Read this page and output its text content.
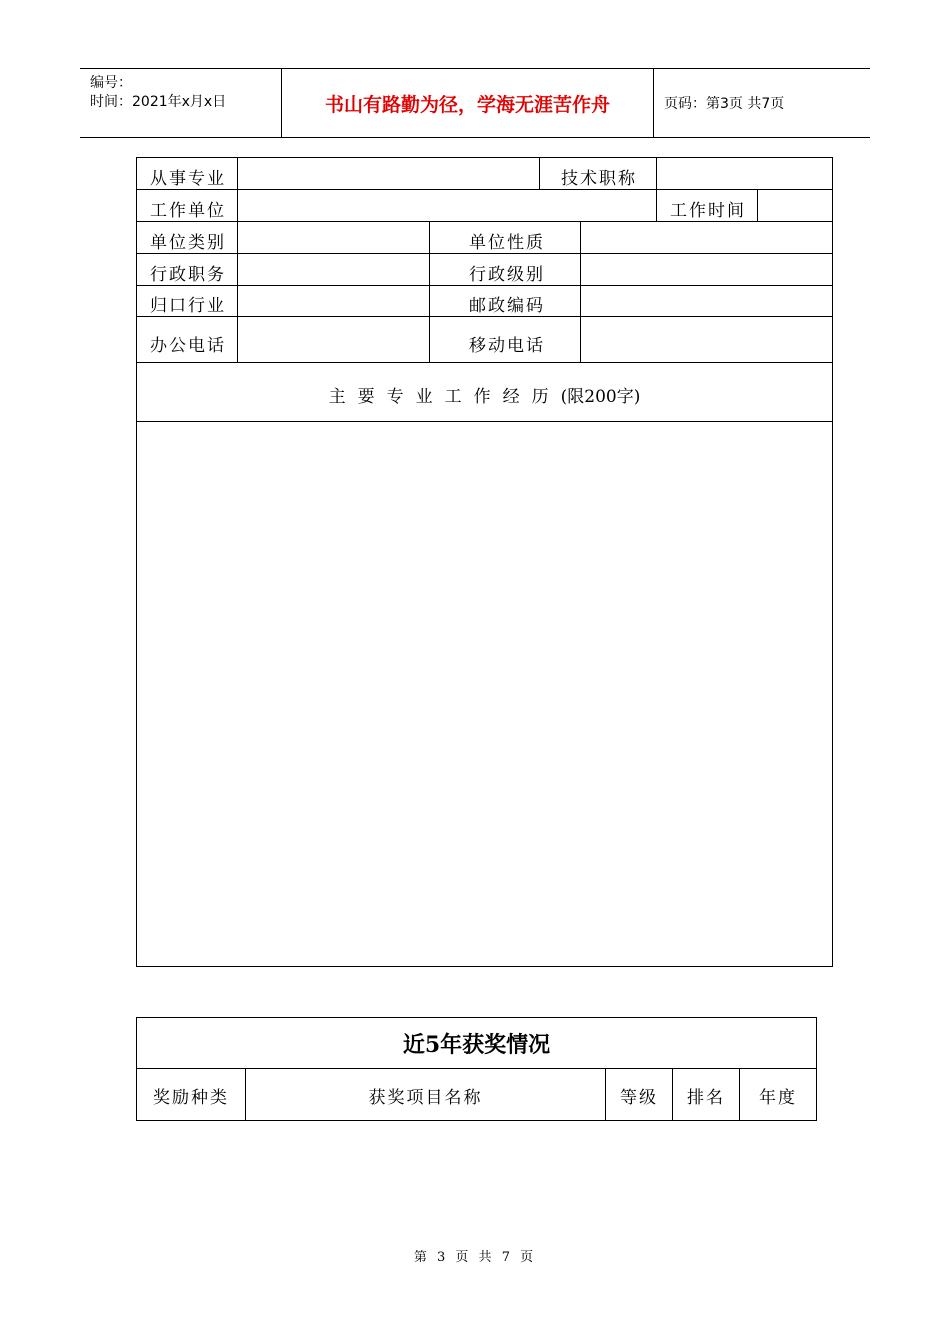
编号：
时间：2021年x月x日	书山有路勤为径，学海无涯苦作舟	页码：第3页 共7页
从事专业	技术职称
工作单位	工作时间
单位类别	单位性质
行政职务	行政级别
归口行业	邮政编码
办公电话	移动电话
主要专业工作经历(限200字)
近5年获奖情况
奖励种类	获奖项目名称	等级	排名	年度
第 3 页 共 7 页
